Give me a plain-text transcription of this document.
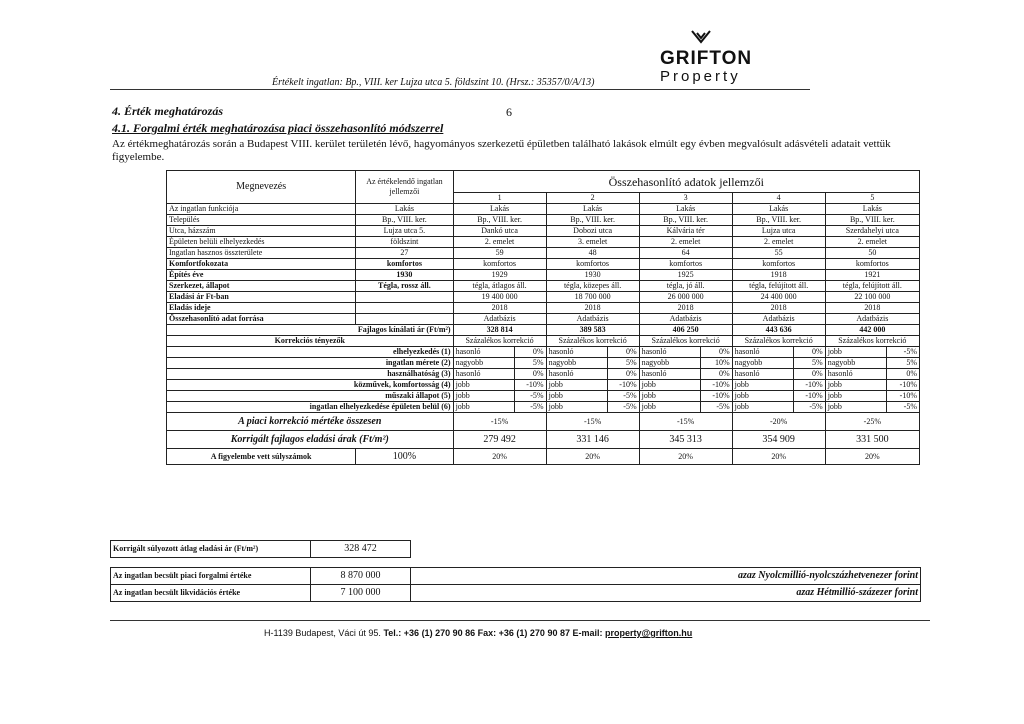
Értékelt ingatlan: Bp., VIII. ker Lujza utca 5. földszint 10. (Hrsz.: 35357/0/A/13)
GRIFTON
Property
4. Érték meghatározás	6
4.1. Forgalmi érték meghatározása piaci összehasonlító módszerrel
Az értékmeghatározás során a Budapest VIII. kerület területén lévő, hagyományos szerkezetű épületben található lakások elmúlt egy évben megvalósult adásvételi adatait vettük figyelembe.
Megnevezés	Az értékelendő ingatlan jellemzői	Összehasonlító adatok jellemzői									
		1		2		3		4		5	
Az ingatlan funkciója	Lakás	Lakás		Lakás		Lakás		Lakás		Lakás	
Település	Bp., VIII. ker.	Bp., VIII. ker.		Bp., VIII. ker.		Bp., VIII. ker.		Bp., VIII. ker.		Bp., VIII. ker.	
Utca, házszám	Lujza utca 5.	Dankó utca		Dobozi utca		Kálvária tér		Lujza utca		Szerdahelyi utca	
Épületen belüli elhelyezkedés	földszint	2. emelet		3. emelet		2. emelet		2. emelet		2. emelet	
Ingatlan hasznos összterülete	27	59		48		64		55		50	
Komfortfokozata	komfortos	komfortos		komfortos		komfortos		komfortos		komfortos	
Építés éve	1930	1929		1930		1925		1918		1921	
Szerkezet, állapot	Tégla, rossz áll.	tégla, átlagos áll.		tégla, közepes áll.		tégla, jó áll.		tégla, felújított áll.		tégla, felújított áll.	
Eladási ár Ft-ban		19 400 000		18 700 000		26 000 000		24 400 000		22 100 000	
Eladás ideje		2018		2018		2018		2018		2018	
Összehasonlító adat forrása		Adatbázis		Adatbázis		Adatbázis		Adatbázis		Adatbázis	
Fajlagos kínálati ár (Ft/m²)		328 814		389 583		406 250		443 636		442 000	
Korrekciós tényezők		Százalékos korrekció		Százalékos korrekció		Százalékos korrekció		Százalékos korrekció		Százalékos korrekció	
elhelyezkedés (1)		hasonló	0%	hasonló	0%	hasonló	0%	hasonló	0%	jobb	-5%
ingatlan mérete (2)		nagyobb	5%	nagyobb	5%	nagyobb	10%	nagyobb	5%	nagyobb	5%
használhatóság (3)		hasonló	0%	hasonló	0%	hasonló	0%	hasonló	0%	hasonló	0%
közművek, komfortosság (4)		jobb	-10%	jobb	-10%	jobb	-10%	jobb	-10%	jobb	-10%
műszaki állapot (5)		jobb	-5%	jobb	-5%	jobb	-10%	jobb	-10%	jobb	-10%
ingatlan elhelyezkedése épületen belül (6)		jobb	-5%	jobb	-5%	jobb	-5%	jobb	-5%	jobb	-5%
A piaci korrekció mértéke összesen		-15%		-15%		-15%		-20%		-25%	
Korrigált fajlagos eladási árak (Ft/m²)		279 492		331 146		345 313		354 909		331 500	
A figyelembe vett súlyszámok	100%	20%		20%		20%		20%		20%	

H-1139 Budapest, Váci út 95. Tel.: +36 (1) 270 90 86 Fax: +36 (1) 270 90 87 E-mail: property@grifton.hu
Korrigált súlyozott átlag eladási ár (Ft/m²)	328 472
Az ingatlan becsült piaci forgalmi értéke	8 870 000	azaz Nyolcmillió-nyolcszázhetvenezer forint
Az ingatlan becsült likvidációs értéke	7 100 000	azaz Hétmillió-százezer forint
